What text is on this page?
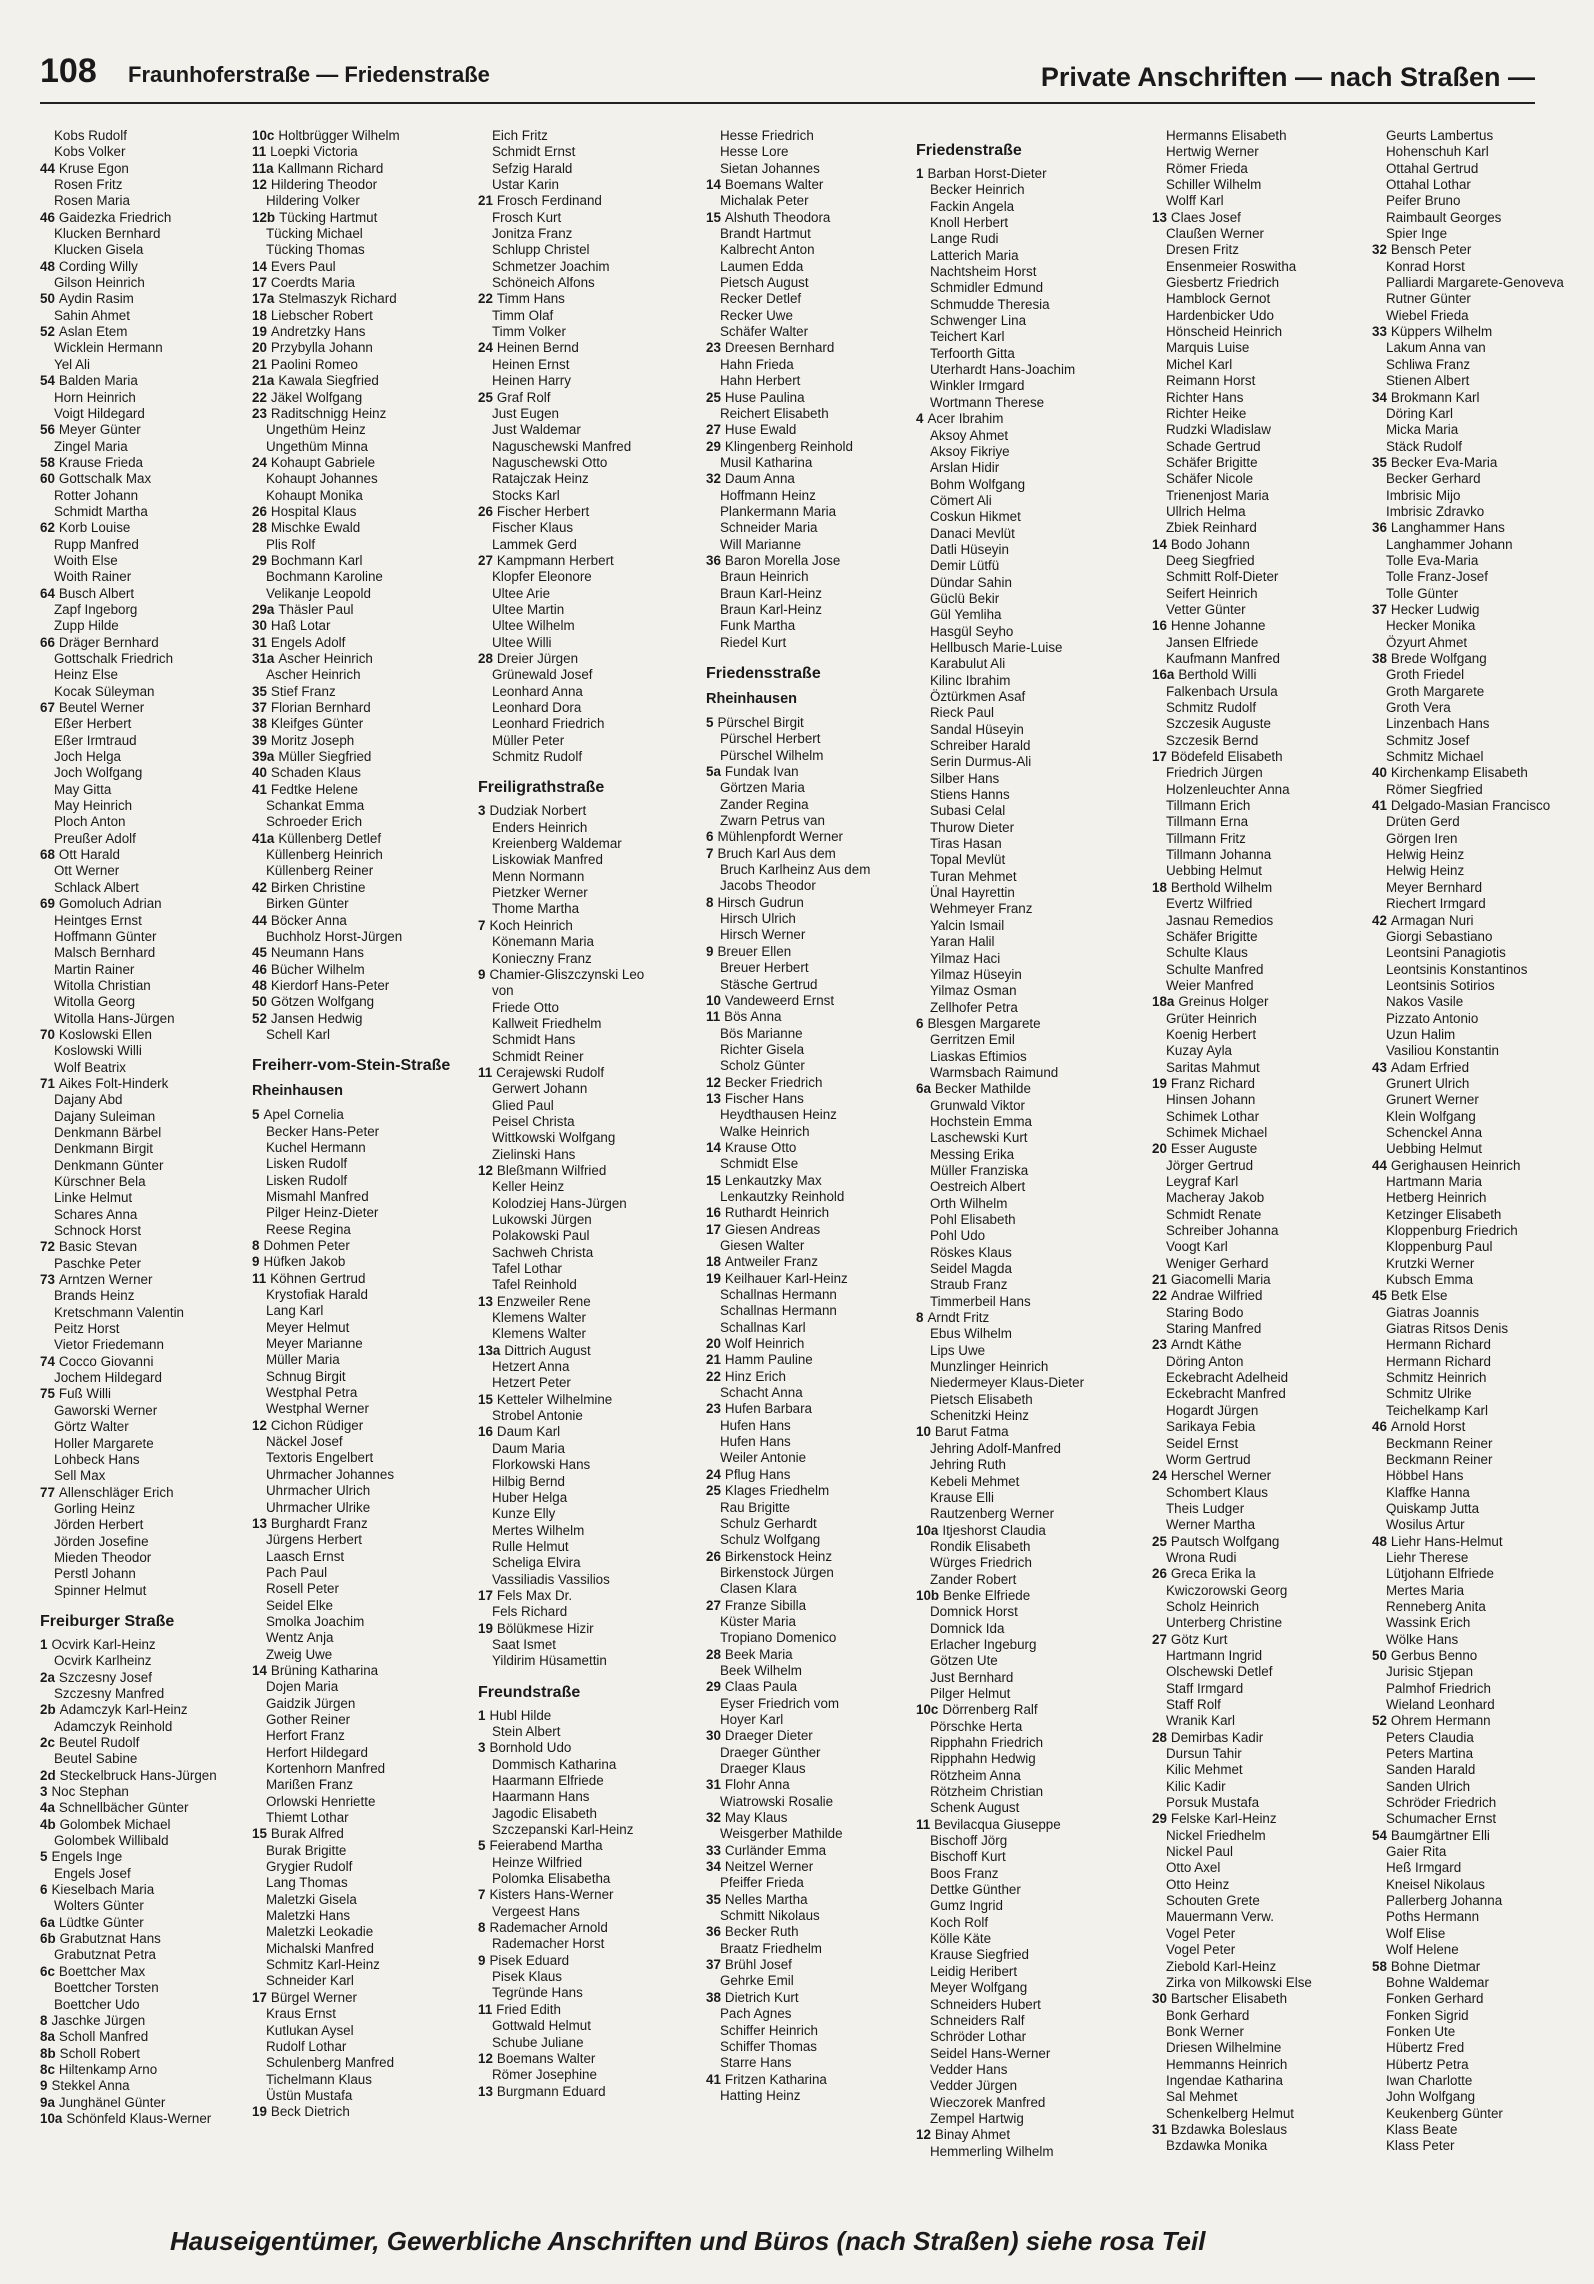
108 Fraunhoferstraße — Friedenstraße	Private Anschriften — nach Straßen —
Kobs Rudolf
Kobs Volker
44 Kruse Egon
Rosen Fritz
Rosen Maria
46 Gaidezka Friedrich
Klucken Bernhard
Klucken Gisela
48 Cording Willy
Gilson Heinrich
50 Aydin Rasim
Sahin Ahmet
52 Aslan Etem
Wicklein Hermann
Yel Ali
54 Balden Maria
Horn Heinrich
Voigt Hildegard
56 Meyer Günter
Zingel Maria
58 Krause Frieda
60 Gottschalk Max
Rotter Johann
Schmidt Martha
62 Korb Louise
Rupp Manfred
Woith Else
Woith Rainer
64 Busch Albert
Zapf Ingeborg
Zupp Hilde
66 Dräger Bernhard
Gottschalk Friedrich
Heinz Else
Kocak Süleyman
67 Beutel Werner
Eßer Herbert
Eßer Irmtraud
Joch Helga
Joch Wolfgang
May Gitta
May Heinrich
Ploch Anton
Preußer Adolf
68 Ott Harald
Ott Werner
Schlack Albert
69 Gomoluch Adrian
Heintges Ernst
Hoffmann Günter
Malsch Bernhard
Martin Rainer
Witolla Christian
Witolla Georg
Witolla Hans-Jürgen
70 Koslowski Ellen
Koslowski Willi
Wolf Beatrix
71 Aikes Folt-Hinderk
Dajany Abd
Dajany Suleiman
Denkmann Bärbel
Denkmann Birgit
Denkmann Günter
Kürschner Bela
Linke Helmut
Schares Anna
Schnock Horst
72 Basic Stevan
Paschke Peter
73 Arntzen Werner
Brands Heinz
Kretschmann Valentin
Peitz Horst
Vietor Friedemann
74 Cocco Giovanni
Jochem Hildegard
75 Fuß Willi
Gaworski Werner
Görtz Walter
Holler Margarete
Lohbeck Hans
Sell Max
77 Allenschläger Erich
Gorling Heinz
Jörden Herbert
Jörden Josefine
Mieden Theodor
Perstl Johann
Spinner Helmut
Freiburger Straße
1 Ocvirk Karl-Heinz
Ocvirk Karlheinz
2a Szczesny Josef
Szczesny Manfred
2b Adamczyk Karl-Heinz
Adamczyk Reinhold
2c Beutel Rudolf
Beutel Sabine
2d Steckelbruck Hans-Jürgen
3 Noc Stephan
4a Schnellbächer Günter
4b Golombek Michael
Golombek Willibald
5 Engels Inge
Engels Josef
6 Kieselbach Maria
Wolters Günter
6a Lüdtke Günter
6b Grabutznat Hans
Grabutznat Petra
6c Boettcher Max
Boettcher Torsten
Boettcher Udo
8 Jaschke Jürgen
8a Scholl Manfred
8b Scholl Robert
8c Hiltenkamp Arno
9 Stekkel Anna
9a Junghänel Günter
10a Schönfeld Klaus-Werner
10c Holtbrügger Wilhelm
11 Loepki Victoria
11a Kallmann Richard
12 Hildering Theodor
Hildering Volker
12b Tücking Hartmut
Tücking Michael
Tücking Thomas
14 Evers Paul
17 Coerdts Maria
17a Stelmaszyk Richard
18 Liebscher Robert
19 Andretzky Hans
20 Przybylla Johann
21 Paolini Romeo
21a Kawala Siegfried
22 Jäkel Wolfgang
23 Raditschnigg Heinz
Ungethüm Heinz
Ungethüm Minna
24 Kohaupt Gabriele
Kohaupt Johannes
Kohaupt Monika
26 Hospital Klaus
28 Mischke Ewald
Plis Rolf
29 Bochmann Karl
Bochmann Karoline
Velikanje Leopold
29a Thäsler Paul
30 Haß Lotar
31 Engels Adolf
31a Ascher Heinrich
Ascher Heinrich
35 Stief Franz
37 Florian Bernhard
38 Kleifges Günter
39 Moritz Joseph
39a Müller Siegfried
40 Schaden Klaus
41 Fedtke Helene
Schankat Emma
Schroeder Erich
41a Küllenberg Detlef
Küllenberg Heinrich
Küllenberg Reiner
42 Birken Christine
Birken Günter
44 Böcker Anna
Buchholz Horst-Jürgen
45 Neumann Hans
46 Bücher Wilhelm
48 Kierdorf Hans-Peter
50 Götzen Wolfgang
52 Jansen Hedwig
Schell Karl
Freiherr-vom-Stein-Straße
Rheinhausen
5 Apel Cornelia
Becker Hans-Peter
Kuchel Hermann
Lisken Rudolf
Lisken Rudolf
Mismahl Manfred
Pilger Heinz-Dieter
Reese Regina
8 Dohmen Peter
9 Hüfken Jakob
11 Köhnen Gertrud
Krystofiak Harald
Lang Karl
Meyer Helmut
Meyer Marianne
Müller Maria
Schnug Birgit
Westphal Petra
Westphal Werner
12 Cichon Rüdiger
Näckel Josef
Textoris Engelbert
Uhrmacher Johannes
Uhrmacher Ulrich
Uhrmacher Ulrike
13 Burghardt Franz
Jürgens Herbert
Laasch Ernst
Pach Paul
Rosell Peter
Seidel Elke
Smolka Joachim
Wentz Anja
Zweig Uwe
14 Brüning Katharina
Dojen Maria
Gaidzik Jürgen
Gother Reiner
Herfort Franz
Herfort Hildegard
Kortenhorn Manfred
Marißen Franz
Orlowski Henriette
Thiemt Lothar
15 Burak Alfred
Burak Brigitte
Grygier Rudolf
Lang Thomas
Maletzki Gisela
Maletzki Hans
Maletzki Leokadie
Michalski Manfred
Schmitz Karl-Heinz
Schneider Karl
17 Bürgel Werner
Kraus Ernst
Kutlukan Aysel
Rudolf Lothar
Schulenberg Manfred
Tichelmann Klaus
Üstün Mustafa
19 Beck Dietrich
Eich Fritz
Schmidt Ernst
Sefzig Harald
Ustar Karin
21 Frosch Ferdinand
Frosch Kurt
Jonitza Franz
Schlupp Christel
Schmetzer Joachim
Schöneich Alfons
22 Timm Hans
Timm Olaf
Timm Volker
24 Heinen Bernd
Heinen Ernst
Heinen Harry
25 Graf Rolf
Just Eugen
Just Waldemar
Naguschewski Manfred
Naguschewski Otto
Ratajczak Heinz
Stocks Karl
26 Fischer Herbert
Fischer Klaus
Lammek Gerd
27 Kampmann Herbert
Klopfer Eleonore
Ultee Arie
Ultee Martin
Ultee Wilhelm
Ultee Willi
28 Dreier Jürgen
Grünewald Josef
Leonhard Anna
Leonhard Dora
Leonhard Friedrich
Müller Peter
Schmitz Rudolf
Freiligrathstraße
3 Dudziak Norbert
Enders Heinrich
Kreienberg Waldemar
Liskowiak Manfred
Menn Normann
Pietzker Werner
Thome Martha
7 Koch Heinrich
Könemann Maria
Konieczny Franz
9 Chamier-Gliszczynski Leo
von
Friede Otto
Kallweit Friedhelm
Schmidt Hans
Schmidt Reiner
11 Cerajewski Rudolf
Gerwert Johann
Glied Paul
Peisel Christa
Wittkowski Wolfgang
Zielinski Hans
12 Bleßmann Wilfried
Keller Heinz
Kolodziej Hans-Jürgen
Lukowski Jürgen
Polakowski Paul
Sachweh Christa
Tafel Lothar
Tafel Reinhold
13 Enzweiler Rene
Klemens Walter
Klemens Walter
13a Dittrich August
Hetzert Anna
Hetzert Peter
15 Ketteler Wilhelmine
Strobel Antonie
16 Daum Karl
Daum Maria
Florkowski Hans
Hilbig Bernd
Huber Helga
Kunze Elly
Mertes Wilhelm
Rulle Helmut
Scheliga Elvira
Vassiliadis Vassilios
17 Fels Max Dr.
Fels Richard
19 Bölükmese Hizir
Saat Ismet
Yildirim Hüsamettin
Freundstraße
1 Hubl Hilde
Stein Albert
3 Bornhold Udo
Dommisch Katharina
Haarmann Elfriede
Haarmann Hans
Jagodic Elisabeth
Szczepanski Karl-Heinz
5 Feierabend Martha
Heinze Wilfried
Polomka Elisabetha
7 Kisters Hans-Werner
Vergeest Hans
8 Rademacher Arnold
Rademacher Horst
9 Pisek Eduard
Pisek Klaus
Tegründe Hans
11 Fried Edith
Gottwald Helmut
Schube Juliane
12 Boemans Walter
Römer Josephine
13 Burgmann Eduard
Hesse Friedrich
Hesse Lore
Sietan Johannes
14 Boemans Walter
Michalak Peter
15 Alshuth Theodora
Brandt Hartmut
Kalbrecht Anton
Laumen Edda
Pietsch August
Recker Detlef
Recker Uwe
Schäfer Walter
23 Dreesen Bernhard
Hahn Frieda
Hahn Herbert
25 Huse Paulina
Reichert Elisabeth
27 Huse Ewald
29 Klingenberg Reinhold
Musil Katharina
32 Daum Anna
Hoffmann Heinz
Plankermann Maria
Schneider Maria
Will Marianne
36 Baron Morella Jose
Braun Heinrich
Braun Karl-Heinz
Braun Karl-Heinz
Funk Martha
Riedel Kurt
Friedensstraße
Rheinhausen
5 Pürschel Birgit
Pürschel Herbert
Pürschel Wilhelm
5a Fundak Ivan
Görtzen Maria
Zander Regina
Zwarn Petrus van
6 Mühlenpfordt Werner
7 Bruch Karl Aus dem
Bruch Karlheinz Aus dem
Jacobs Theodor
8 Hirsch Gudrun
Hirsch Ulrich
Hirsch Werner
9 Breuer Ellen
Breuer Herbert
Stäsche Gertrud
10 Vandeweerd Ernst
11 Bös Anna
Bös Marianne
Richter Gisela
Scholz Günter
12 Becker Friedrich
13 Fischer Hans
Heydthausen Heinz
Walke Heinrich
14 Krause Otto
Schmidt Else
15 Lenkautzky Max
Lenkautzky Reinhold
16 Ruthardt Heinrich
17 Giesen Andreas
Giesen Walter
18 Antweiler Franz
19 Keilhauer Karl-Heinz
Schallnas Hermann
Schallnas Hermann
Schallnas Karl
20 Wolf Heinrich
21 Hamm Pauline
22 Hinz Erich
Schacht Anna
23 Hufen Barbara
Hufen Hans
Hufen Hans
Weiler Antonie
24 Pflug Hans
25 Klages Friedhelm
Rau Brigitte
Schulz Gerhardt
Schulz Wolfgang
26 Birkenstock Heinz
Birkenstock Jürgen
Clasen Klara
27 Franze Sibilla
Küster Maria
Tropiano Domenico
28 Beek Maria
Beek Wilhelm
29 Claas Paula
Eyser Friedrich vom
Hoyer Karl
30 Draeger Dieter
Draeger Günther
Draeger Klaus
31 Flohr Anna
Wiatrowski Rosalie
32 May Klaus
Weisgerber Mathilde
33 Curländer Emma
34 Neitzel Werner
Pfeiffer Frieda
35 Nelles Martha
Schmitt Nikolaus
36 Becker Ruth
Braatz Friedhelm
37 Brühl Josef
Gehrke Emil
38 Dietrich Kurt
Pach Agnes
Schiffer Heinrich
Schiffer Thomas
Starre Hans
41 Fritzen Katharina
Hatting Heinz
Friedenstraße
1 Barban Horst-Dieter
Becker Heinrich
Fackin Angela
Knoll Herbert
Lange Rudi
Latterich Maria
Nachtsheim Horst
Schmidler Edmund
Schmudde Theresia
Schwenger Lina
Teichert Karl
Terfoorth Gitta
Uterhardt Hans-Joachim
Winkler Irmgard
Wortmann Therese
4 Acer Ibrahim
Aksoy Ahmet
Aksoy Fikriye
Arslan Hidir
Bohm Wolfgang
Cömert Ali
Coskun Hikmet
Danaci Mevlüt
Datli Hüseyin
Demir Lütfü
Dündar Sahin
Güclü Bekir
Gül Yemliha
Hasgül Seyho
Hellbusch Marie-Luise
Karabulut Ali
Kilinc Ibrahim
Öztürkmen Asaf
Rieck Paul
Sandal Hüseyin
Schreiber Harald
Serin Durmus-Ali
Silber Hans
Stiens Hanns
Subasi Celal
Thurow Dieter
Tiras Hasan
Topal Mevlüt
Turan Mehmet
Ünal Hayrettin
Wehmeyer Franz
Yalcin Ismail
Yaran Halil
Yilmaz Haci
Yilmaz Hüseyin
Yilmaz Osman
Zellhofer Petra
6 Blesgen Margarete
Gerritzen Emil
Liaskas Eftimios
Warmsbach Raimund
6a Becker Mathilde
Grunwald Viktor
Hochstein Emma
Laschewski Kurt
Messing Erika
Müller Franziska
Oestreich Albert
Orth Wilhelm
Pohl Elisabeth
Pohl Udo
Röskes Klaus
Seidel Magda
Straub Franz
Timmerbeil Hans
8 Arndt Fritz
Ebus Wilhelm
Lips Uwe
Munzlinger Heinrich
Niedermeyer Klaus-Dieter
Pietsch Elisabeth
Schenitzki Heinz
10 Barut Fatma
Jehring Adolf-Manfred
Jehring Ruth
Kebeli Mehmet
Krause Elli
Rautzenberg Werner
10a Itjeshorst Claudia
Rondik Elisabeth
Würges Friedrich
Zander Robert
10b Benke Elfriede
Domnick Horst
Domnick Ida
Erlacher Ingeburg
Götzen Ute
Just Bernhard
Pilger Helmut
10c Dörrenberg Ralf
Pörschke Herta
Ripphahn Friedrich
Ripphahn Hedwig
Rötzheim Anna
Rötzheim Christian
Schenk August
11 Bevilacqua Giuseppe
Bischoff Jörg
Bischoff Kurt
Boos Franz
Dettke Günther
Gumz Ingrid
Koch Rolf
Kölle Käte
Krause Siegfried
Leidig Heribert
Meyer Wolfgang
Schneiders Hubert
Schneiders Ralf
Schröder Lothar
Seidel Hans-Werner
Vedder Hans
Vedder Jürgen
Wieczorek Manfred
Zempel Hartwig
12 Binay Ahmet
Hemmerling Wilhelm
Hermanns Elisabeth
Hertwig Werner
Römer Frieda
Schiller Wilhelm
Wolff Karl
13 Claes Josef
Claußen Werner
Dresen Fritz
Ensenmeier Roswitha
Giesbertz Friedrich
Hamblock Gernot
Hardenbicker Udo
Hönscheid Heinrich
Marquis Luise
Michel Karl
Reimann Horst
Richter Hans
Richter Heike
Rudzki Wladislaw
Schade Gertrud
Schäfer Brigitte
Schäfer Nicole
Trienenjost Maria
Ullrich Helma
Zbiek Reinhard
14 Bodo Johann
Deeg Siegfried
Schmitt Rolf-Dieter
Seifert Heinrich
Vetter Günter
16 Henne Johanne
Jansen Elfriede
Kaufmann Manfred
16a Berthold Willi
Falkenbach Ursula
Schmitz Rudolf
Szczesik Auguste
Szczesik Bernd
17 Bödefeld Elisabeth
Friedrich Jürgen
Holzenleuchter Anna
Tillmann Erich
Tillmann Erna
Tillmann Fritz
Tillmann Johanna
Uebbing Helmut
18 Berthold Wilhelm
Evertz Wilfried
Jasnau Remedios
Schäfer Brigitte
Schulte Klaus
Schulte Manfred
Weier Manfred
18a Greinus Holger
Grüter Heinrich
Koenig Herbert
Kuzay Ayla
Saritas Mahmut
19 Franz Richard
Hinsen Johann
Schimek Lothar
Schimek Michael
20 Esser Auguste
Jörger Gertrud
Leygraf Karl
Macheray Jakob
Schmidt Renate
Schreiber Johanna
Voogt Karl
Weniger Gerhard
21 Giacomelli Maria
22 Andrae Wilfried
Staring Bodo
Staring Manfred
23 Arndt Käthe
Döring Anton
Eckebracht Adelheid
Eckebracht Manfred
Hogardt Jürgen
Sarikaya Febia
Seidel Ernst
Worm Gertrud
24 Herschel Werner
Schombert Klaus
Theis Ludger
Werner Martha
25 Pautsch Wolfgang
Wrona Rudi
26 Greca Erika la
Kwiczorowski Georg
Scholz Heinrich
Unterberg Christine
27 Götz Kurt
Hartmann Ingrid
Olschewski Detlef
Staff Irmgard
Staff Rolf
Wranik Karl
28 Demirbas Kadir
Dursun Tahir
Kilic Mehmet
Kilic Kadir
Porsuk Mustafa
29 Felske Karl-Heinz
Nickel Friedhelm
Nickel Paul
Otto Axel
Otto Heinz
Schouten Grete
Mauermann Verw.
Vogel Peter
Vogel Peter
Ziebold Karl-Heinz
Zirka von Milkowski Else
30 Bartscher Elisabeth
Bonk Gerhard
Bonk Werner
Driesen Wilhelmine
Hemmanns Heinrich
Ingendae Katharina
Sal Mehmet
Schenkelberg Helmut
31 Bzdawka Boleslaus
Bzdawka Monika
Geurts Lambertus
Hohenschuh Karl
Ottahal Gertrud
Ottahal Lothar
Peifer Bruno
Raimbault Georges
Spier Inge
32 Bensch Peter
Konrad Horst
Palliardi Margarete-Genoveva
Rutner Günter
Wiebel Frieda
33 Küppers Wilhelm
Lakum Anna van
Schliwa Franz
Stienen Albert
34 Brokmann Karl
Döring Karl
Micka Maria
Stäck Rudolf
35 Becker Eva-Maria
Becker Gerhard
Imbrisic Mijo
Imbrisic Zdravko
36 Langhammer Hans
Langhammer Johann
Tolle Eva-Maria
Tolle Franz-Josef
Tolle Günter
37 Hecker Ludwig
Hecker Monika
Özyurt Ahmet
38 Brede Wolfgang
Groth Friedel
Groth Margarete
Groth Vera
Linzenbach Hans
Schmitz Josef
Schmitz Michael
40 Kirchenkamp Elisabeth
Römer Siegfried
41 Delgado-Masian Francisco
Drüten Gerd
Görgen Iren
Helwig Heinz
Helwig Heinz
Meyer Bernhard
Riechert Irmgard
42 Armagan Nuri
Giorgi Sebastiano
Leontsini Panagiotis
Leontsinis Konstantinos
Leontsinis Sotirios
Nakos Vasile
Pizzato Antonio
Uzun Halim
Vasiliou Konstantin
43 Adam Erfried
Grunert Ulrich
Grunert Werner
Klein Wolfgang
Schenckel Anna
Uebbing Helmut
44 Gerighausen Heinrich
Hartmann Maria
Hetberg Heinrich
Ketzinger Elisabeth
Kloppenburg Friedrich
Kloppenburg Paul
Krutzki Werner
Kubsch Emma
45 Betk Else
Giatras Joannis
Giatras Ritsos Denis
Hermann Richard
Hermann Richard
Schmitz Heinrich
Schmitz Ulrike
Teichelkamp Karl
46 Arnold Horst
Beckmann Reiner
Beckmann Reiner
Höbbel Hans
Klaffke Hanna
Quiskamp Jutta
Wosilus Artur
48 Liehr Hans-Helmut
Liehr Therese
Lütjohann Elfriede
Mertes Maria
Renneberg Anita
Wassink Erich
Wölke Hans
50 Gerbus Benno
Jurisic Stjepan
Palmhof Friedrich
Wieland Leonhard
52 Ohrem Hermann
Peters Claudia
Peters Martina
Sanden Harald
Sanden Ulrich
Schröder Friedrich
Schumacher Ernst
54 Baumgärtner Elli
Gaier Rita
Heß Irmgard
Kneisel Nikolaus
Pallerberg Johanna
Poths Hermann
Wolf Elise
Wolf Helene
58 Bohne Dietmar
Bohne Waldemar
Fonken Gerhard
Fonken Sigrid
Fonken Ute
Hübertz Fred
Hübertz Petra
Iwan Charlotte
John Wolfgang
Keukenberg Günter
Klass Beate
Klass Peter
Hauseigentümer, Gewerbliche Anschriften und Büros (nach Straßen) siehe rosa Teil
